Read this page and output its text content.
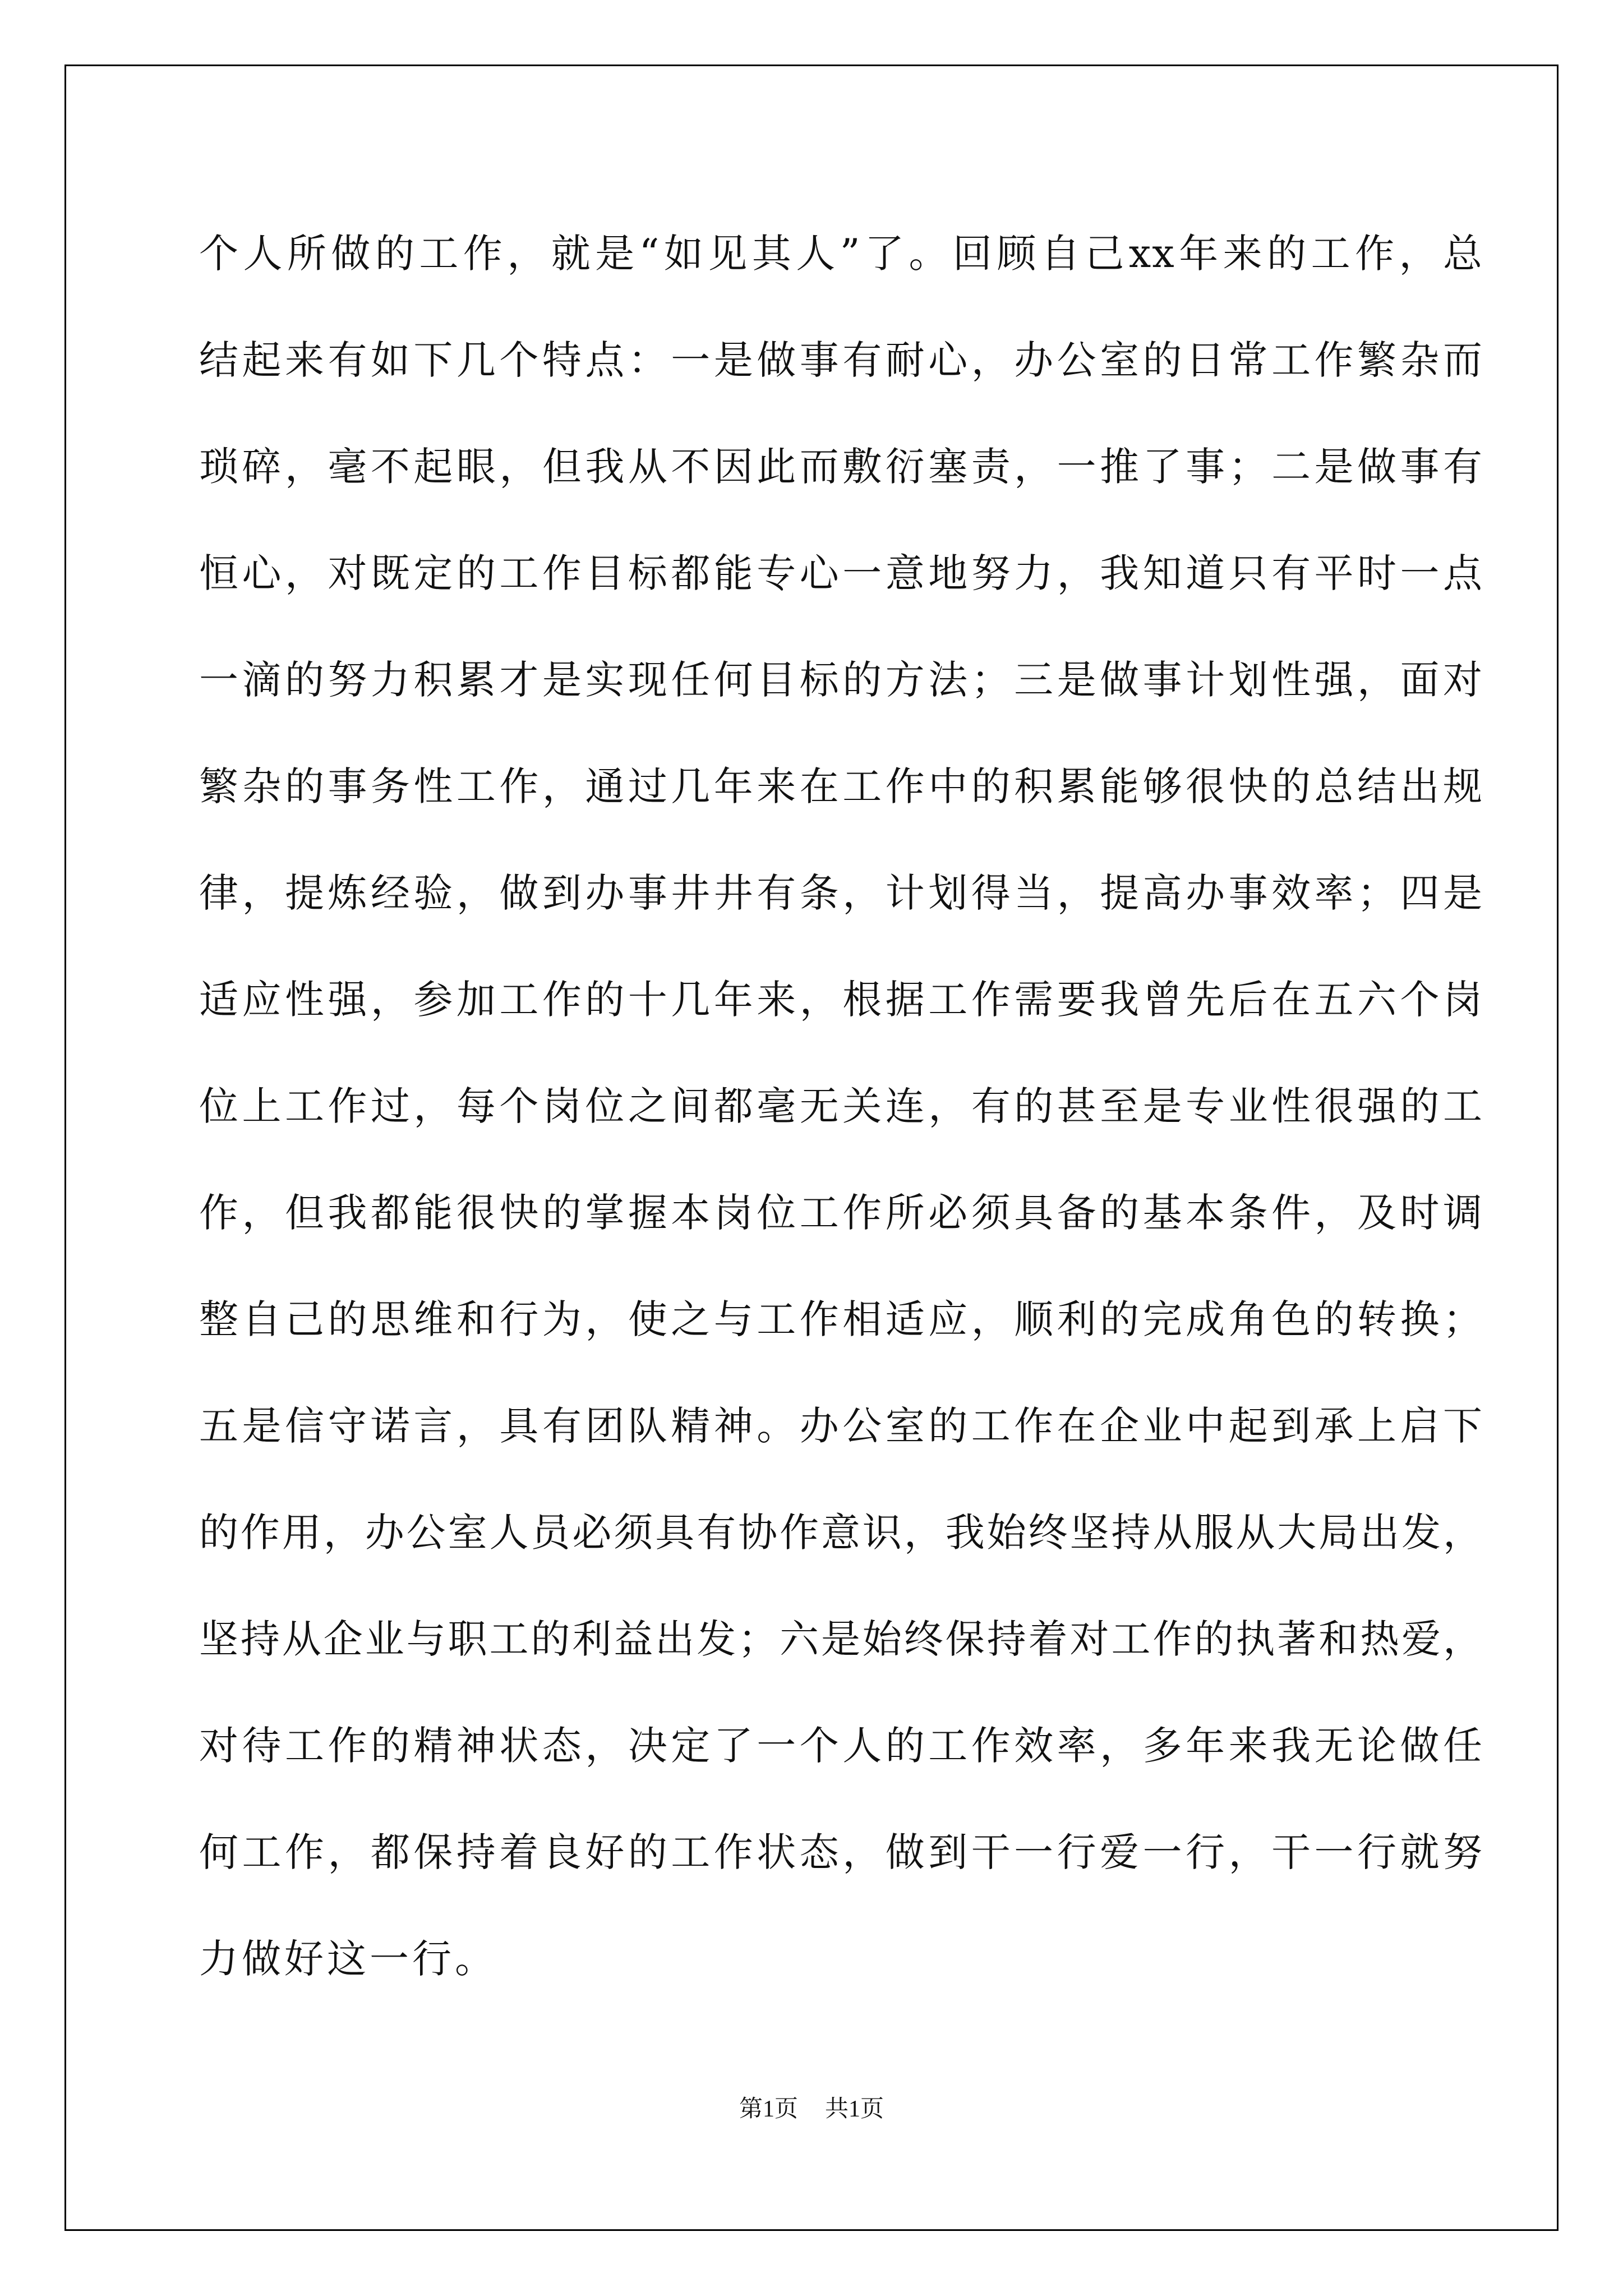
个人所做的工作，就是“如见其人”了。回顾自己xx年来的工作，总
结起来有如下几个特点：一是做事有耐心，办公室的日常工作繁杂而
琐碎，毫不起眼，但我从不因此而敷衍塞责，一推了事；二是做事有
恒心，对既定的工作目标都能专心一意地努力，我知道只有平时一点
一滴的努力积累才是实现任何目标的方法；三是做事计划性强，面对
繁杂的事务性工作，通过几年来在工作中的积累能够很快的总结出规
律，提炼经验，做到办事井井有条，计划得当，提高办事效率；四是
适应性强，参加工作的十几年来，根据工作需要我曾先后在五六个岗
位上工作过，每个岗位之间都毫无关连，有的甚至是专业性很强的工
作，但我都能很快的掌握本岗位工作所必须具备的基本条件，及时调
整自己的思维和行为，使之与工作相适应，顺利的完成角色的转换；
五是信守诺言，具有团队精神。办公室的工作在企业中起到承上启下
的作用，办公室人员必须具有协作意识，我始终坚持从服从大局出发，
坚持从企业与职工的利益出发；六是始终保持着对工作的执著和热爱，
对待工作的精神状态，决定了一个人的工作效率，多年来我无论做任
何工作，都保持着良好的工作状态，做到干一行爱一行，干一行就努
力做好这一行。
第1页 共1页
